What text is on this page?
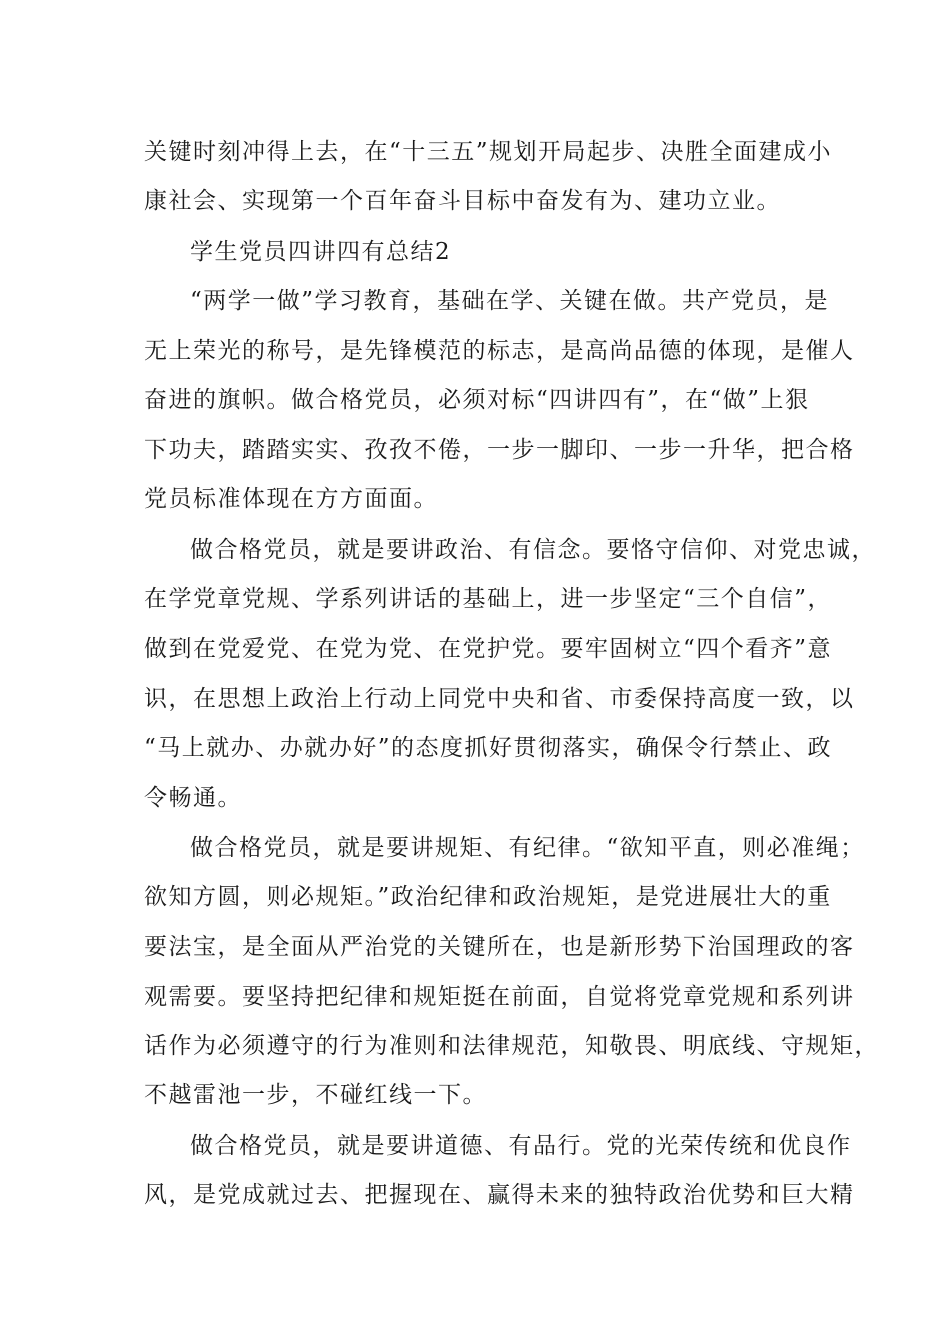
关键时刻冲得上去，在“十三五”规划开局起步、决胜全面建成小
康社会、实现第一个百年奋斗目标中奋发有为、建功立业。
学生党员四讲四有总结2
“两学一做”学习教育，基础在学、关键在做。共产党员，是
无上荣光的称号，是先锋模范的标志，是高尚品德的体现，是催人
奋进的旗帜。做合格党员，必须对标“四讲四有”，在“做”上狠
下功夫，踏踏实实、孜孜不倦，一步一脚印、一步一升华，把合格
党员标准体现在方方面面。
做合格党员，就是要讲政治、有信念。要恪守信仰、对党忠诚，
在学党章党规、学系列讲话的基础上，进一步坚定“三个自信”，
做到在党爱党、在党为党、在党护党。要牢固树立“四个看齐”意
识，在思想上政治上行动上同党中央和省、市委保持高度一致，以
“马上就办、办就办好”的态度抓好贯彻落实，确保令行禁止、政
令畅通。
做合格党员，就是要讲规矩、有纪律。“欲知平直，则必准绳；
欲知方圆，则必规矩。”政治纪律和政治规矩，是党进展壮大的重
要法宝，是全面从严治党的关键所在，也是新形势下治国理政的客
观需要。要坚持把纪律和规矩挺在前面，自觉将党章党规和系列讲
话作为必须遵守的行为准则和法律规范，知敬畏、明底线、守规矩，
不越雷池一步，不碰红线一下。
做合格党员，就是要讲道德、有品行。党的光荣传统和优良作
风，是党成就过去、把握现在、赢得未来的独特政治优势和巨大精
